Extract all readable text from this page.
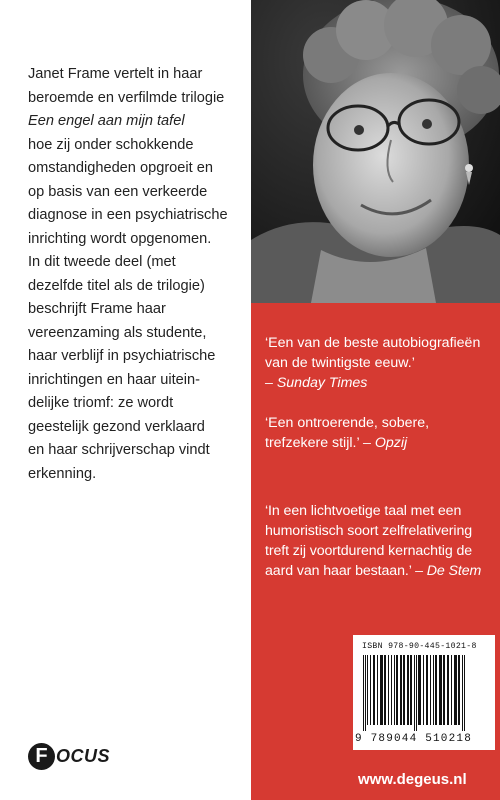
Janet Frame vertelt in haar
beroemde en verfilmde trilogie
Een engel aan mijn tafel
hoe zij onder schokkende
omstandigheden opgroeit en
op basis van een verkeerde
diagnose in een psychiatrische
inrichting wordt opgenomen.
In dit tweede deel (met
dezelfde titel als de trilogie)
beschrijft Frame haar
vereenzaming als studente,
haar verblijf in psychiatrische
inrichtingen en haar uitein-
delijke triomf: ze wordt
geestelijk gezond verklaard
en haar schrijverschap vindt
erkenning.

F OCUS

‘Een van de beste autobiografieën
van de twintigste eeuw.’
– Sunday Times

‘Een ontroerende, sobere,
trefzekere stijl.’ – Opzij

‘In een lichtvoetige taal met een
humoristisch soort zelfrelativering
treft zij voortdurend kernachtig de
aard van haar bestaan.’ – De Stem

ISBN 978-90-445-1021-8
9 789044 510218
www.degeus.nl
